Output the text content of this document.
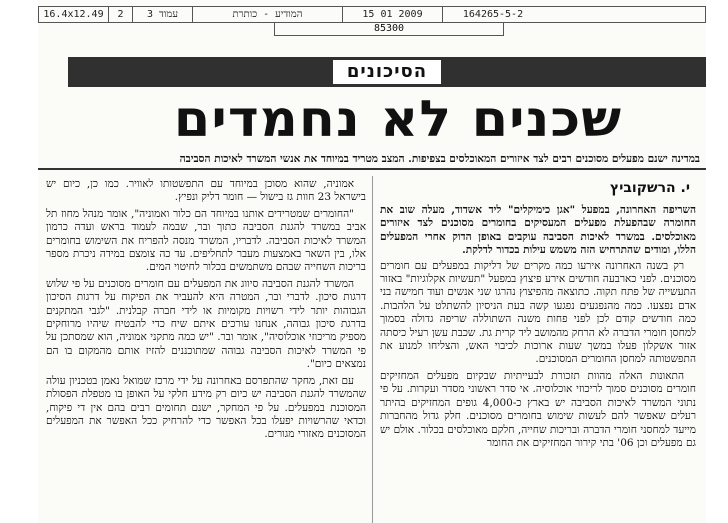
16.4x12.49	2	עמוד 3	המודיע - כותרת	15 01 2009	164265-5-2
85300
הסיכונים
שכנים לא נחמדים
במדינה ישנם מפעלים מסוכנים רבים לצד איזורים המאוכלסים בצפיפות. המצב מטריד במיוחד את אנשי המשרד לאיכות הסביבה
י. הרשקוביץ
השריפה האחרונה, במפעל "אגן כימיקלים" ליד אשדוד, מעלה שוב את החומרה שבהפעלת מפעלים המעסיקים בחומרים מסוכנים לצד איזורים מאוכלסים. במשרד לאיכות הסביבה עוקבים באופן הדוק אחרי המפעלים הללו, ומודים שהתרחיש הזה משמש עילות בכדור לדלקת.

רק בשנה האחרונה אירעו כמה מקרים של דליקות במפעלים עם חומרים מסוכנים. לפני כארבעה חודשים אירע פיצוץ במפעל "תעשיות אקלוגיות" באזור התעשייה של פתח תקוה. כתוצאה מהפיצוץ נהרגו שני אנשים ועוד חמישה בני אדם נפצעו. כמה מהנפגעים נפגעו קשה בעת הניסיון להשתלט על הלהבות. כמה חודשים קודם לכן לפני פחות משנה השתוללה שריפה גדולה בסמוך למחסן חומרי הדברה לא הרחק מהמושב ליד קרית גת. שכבת עשן רעיל כיסתה אזור אשקלון פעלו במשך שעות ארוכות לכיבוי האש, והצליחו למנוע את התפשטותה למחסן החומרים המסוכנים.

התאונות האלה מהוות תזכורת לבעייתיות שבקיום מפעלים המחזיקים חומרים מסוכנים סמוך לריכוזי אוכלוסיה. אי סדר ראשוני מסדר ועקרות. על פי נתוני המשרד לאיכות הסביבה יש בארץ כ-4,000 גופים המחזיקים בהיתר רעלים שאפשר להם לעשות שימוש בחומרים מסוכנים. חלק גדול מהחברות מייעד למחסני חומרי הדברה ובריכות שחייה, חלקם מאוכלסים בכלור. אולם יש גם מפעלים וכן 06' בתי קירור המחזיקים את החומר

אמוניה, שהוא מסוכן במיוחד עם התפשטותו לאוויר. כמו כן, כיום יש בישראל 23 חוות גז בישול — חומר דליק ונפיץ.

"החומרים שמטרידים אותנו במיוחד הם כלור ואמוניה", אומר מנהל מחוז תל אביב במשרד להגנת הסביבה כתוך ובר, שבמה לעמוד בראש ועדה כרמון המשרד לאיכות הסביבה. לדבריו, המשרד מנסה להפריח את השימוש בחומרים אלו, בין השאר באמצעות מעבר לתחליפים. עד כה צומצם במידה ניכרת מספר בריכות השחייה שבהם משתמשים בכלור לחיטוי המים.

המשרד להגנת הסביבה סיווג את המפעלים עם חומרים מסוכנים על פי שלוש דרגות סיכון. לדברי ובר, המטרה היא להעביר את הפיקוח על דרגות הסיכון הגבוהות יותר לידי רשויות מקומיות או לידי חברה קבלנית. "לגבי המתקנים בדרגת סיכון גבוהה, אנחנו עורכים איתם שיח כדי להבטיח שיהיו מרוחקים מספיק מריכוזי אוכלוסיה", אומר ובר. "יש כמה מתקני אמוניה, הוא שמסתכן על פי המשרד לאיכות הסביבה גבוהה שמתוכננים להזיז אותם מהמקום בו הם נמצאים כיום".

עם זאת, מחקר שהתפרסם באחרונה על ידי מרכז שמואל נאמן בטכניון עולה שהמשרד להגנת הסביבה יש כיום רק מידע חלקי על האופן בו מטפלת הפסולת המסוכנת במפעלים. על פי המחקר, ישנם תחומים רבים בהם אין די פיקוח, וכדאי שהרשויות יפעלו בכל האפשר כדי להרחיק ככל האפשר את המפעלים המסוכנים מאזורי מגורים.
